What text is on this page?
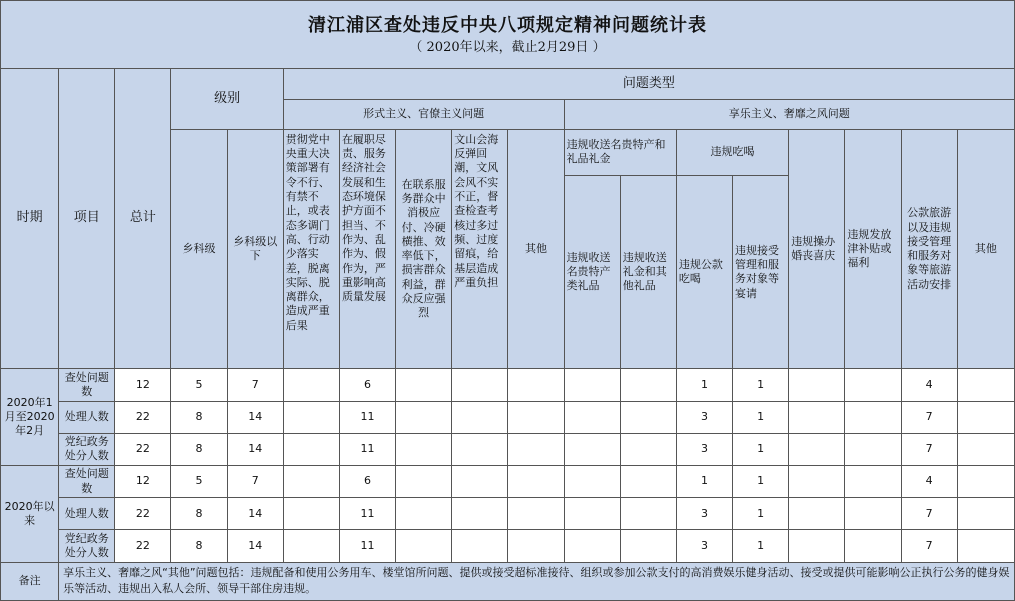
清江浦区查处违反中央八项规定精神问题统计表
（ 2020年以来，截止2月29日 ）																	

时期	项目	总计	级别		问题类型												
					形式主义、官僚主义问题					享乐主义、奢靡之风问题							
			乡科级	乡科级以下	贯彻党中央重大决策部署有令不行、有禁不止，或表态多调门高、行动少落实差，脱离实际、脱离群众，造成严重后果	在履职尽责、服务经济社会发展和生态环境保护方面不担当、不作为、乱作为、假作为，严重影响高质量发展	在联系服务群众中消极应付、冷硬横推、效率低下，损害群众利益，群众反应强烈	文山会海反弹回潮，文风会风不实不正，督查检查考核过多过频、过度留痕，给基层造成严重负担	其他	违规收送名贵特产和礼品礼金		违规吃喝		违规操办婚丧喜庆	违规发放津补贴或福利	公款旅游以及违规接受管理和服务对象等旅游活动安排	其他
										违规收送名贵特产类礼品	违规收送礼金和其他礼品	违规公款吃喝	违规接受管理和服务对象等宴请				
2020年1月至2020年2月	查处问题数	12	5	7		6						1	1			4	
	处理人数	22	8	14		11						3	1			7	
	党纪政务处分人数	22	8	14		11						3	1			7	
2020年以来	查处问题数	12	5	7		6						1	1			4	
	处理人数	22	8	14		11						3	1			7	
	党纪政务处分人数	22	8	14		11						3	1			7	
备注	享乐主义、奢靡之风“其他”问题包括：违规配备和使用公务用车、楼堂馆所问题、提供或接受超标准接待、组织或参加公款支付的高消费娱乐健身活动、接受或提供可能影响公正执行公务的健身娱乐等活动、违规出入私人会所、领导干部住房违规。																
